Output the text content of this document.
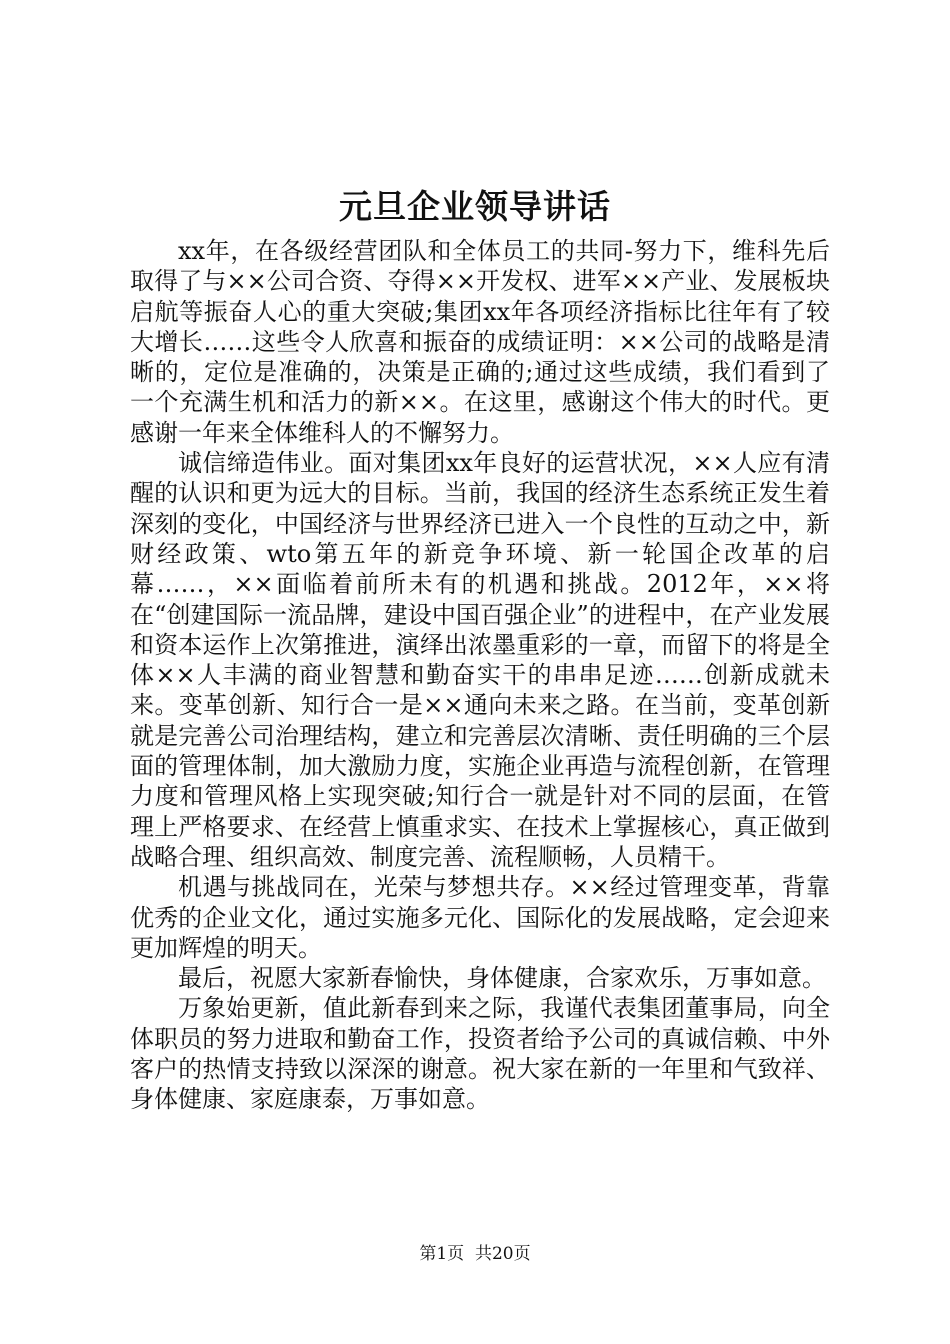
元旦企业领导讲话

xx年，在各级经营团队和全体员工的共同-努力下，维科先后取得了与××公司合资、夺得××开发权、进军××产业、发展板块启航等振奋人心的重大突破;集团xx年各项经济指标比往年有了较大增长……这些令人欣喜和振奋的成绩证明：××公司的战略是清晰的，定位是准确的，决策是正确的;通过这些成绩，我们看到了一个充满生机和活力的新××。在这里，感谢这个伟大的时代。更感谢一年来全体维科人的不懈努力。

诚信缔造伟业。面对集团xx年良好的运营状况，××人应有清醒的认识和更为远大的目标。当前，我国的经济生态系统正发生着深刻的变化，中国经济与世界经济已进入一个良性的互动之中，新财经政策、wto第五年的新竞争环境、新一轮国企改革的启幕……，××面临着前所未有的机遇和挑战。2012年，××将在“创建国际一流品牌，建设中国百强企业”的进程中，在产业发展和资本运作上次第推进，演绎出浓墨重彩的一章，而留下的将是全体××人丰满的商业智慧和勤奋实干的串串足迹……创新成就未来。变革创新、知行合一是××通向未来之路。在当前，变革创新就是完善公司治理结构，建立和完善层次清晰、责任明确的三个层面的管理体制，加大激励力度，实施企业再造与流程创新，在管理力度和管理风格上实现突破;知行合一就是针对不同的层面，在管理上严格要求、在经营上慎重求实、在技术上掌握核心，真正做到战略合理、组织高效、制度完善、流程顺畅，人员精干。

机遇与挑战同在，光荣与梦想共存。××经过管理变革，背靠优秀的企业文化，通过实施多元化、国际化的发展战略，定会迎来更加辉煌的明天。

最后，祝愿大家新春愉快，身体健康，合家欢乐，万事如意。

万象始更新，值此新春到来之际，我谨代表集团董事局，向全体职员的努力进取和勤奋工作，投资者给予公司的真诚信赖、中外客户的热情支持致以深深的谢意。祝大家在新的一年里和气致祥、身体健康、家庭康泰，万事如意。

第1页  共20页
